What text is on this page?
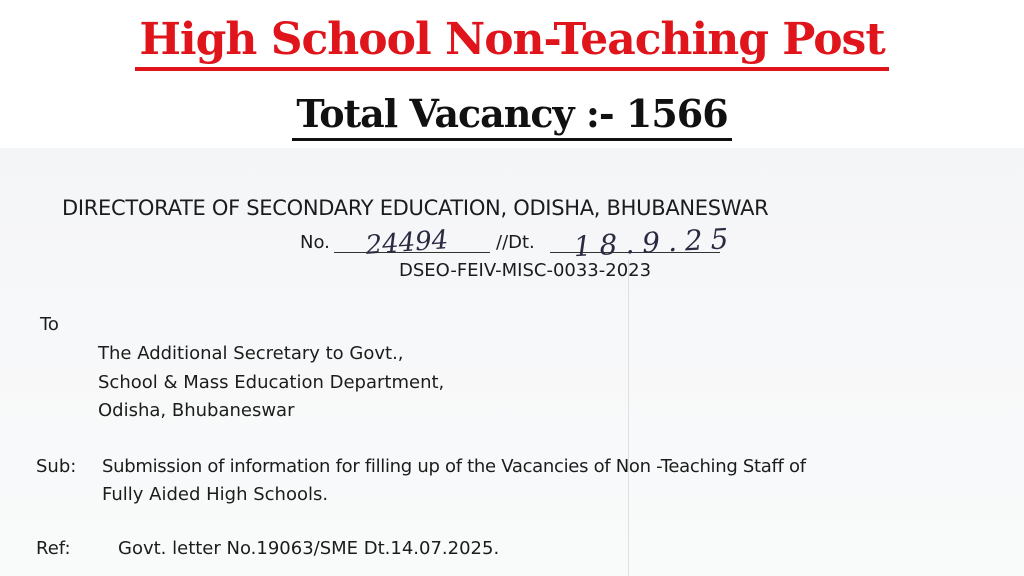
High School Non-Teaching Post
Total Vacancy :- 1566
DIRECTORATE OF SECONDARY EDUCATION, ODISHA, BHUBANESWAR
No.	24494	//Dt.	18.9.25
DSEO-FEIV-MISC-0033-2023
To
The Additional Secretary to Govt.,
School & Mass Education Department,
Odisha, Bhubaneswar
Sub: Submission of information for filling up of the Vacancies of Non -Teaching Staff of
Fully Aided High Schools.
Ref:	Govt. letter No.19063/SME Dt.14.07.2025.
